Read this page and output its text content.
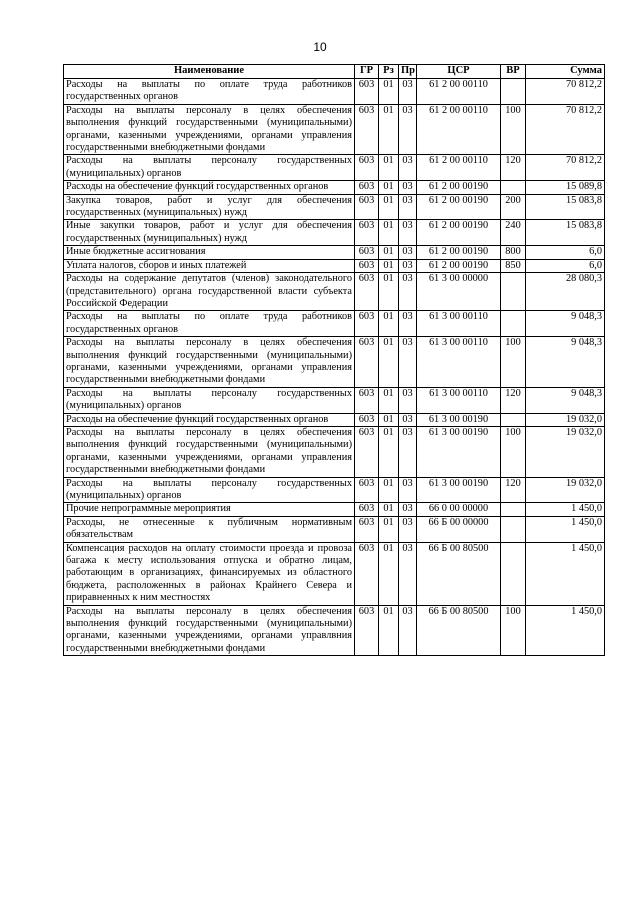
10
Наименование	ГР	Рз	Пр	ЦСР	ВР	Сумма
Расходы на выплаты по оплате труда работников государственных органов	603	01	03	61 2 00 00110		70 812,2
Расходы на выплаты персоналу в целях обеспечения выполнения функций государственными (муниципальными) органами, казенными учреждениями, органами управления государственными внебюджетными фондами	603	01	03	61 2 00 00110	100	70 812,2
Расходы на выплаты персоналу государственных (муниципальных) органов	603	01	03	61 2 00 00110	120	70 812,2
Расходы на обеспечение функций государственных органов	603	01	03	61 2 00 00190		15 089,8
Закупка товаров, работ и услуг для обеспечения государственных (муниципальных) нужд	603	01	03	61 2 00 00190	200	15 083,8
Иные закупки товаров, работ и услуг для обеспечения государственных (муниципальных) нужд	603	01	03	61 2 00 00190	240	15 083,8
Иные бюджетные ассигнования	603	01	03	61 2 00 00190	800	6,0
Уплата налогов, сборов и иных платежей	603	01	03	61 2 00 00190	850	6,0
Расходы на содержание депутатов (членов) законодательного (представительного) органа государственной власти субъекта Российской Федерации	603	01	03	61 3 00 00000		28 080,3
Расходы на выплаты по оплате труда работников государственных органов	603	01	03	61 3 00 00110		9 048,3
Расходы на выплаты персоналу в целях обеспечения выполнения функций государственными (муниципальными) органами, казенными учреждениями, органами управления государственными внебюджетными фондами	603	01	03	61 3 00 00110	100	9 048,3
Расходы на выплаты персоналу государственных (муниципальных) органов	603	01	03	61 3 00 00110	120	9 048,3
Расходы на обеспечение функций государственных органов	603	01	03	61 3 00 00190		19 032,0
Расходы на выплаты персоналу в целях обеспечения выполнения функций государственными (муниципальными) органами, казенными учреждениями, органами управления государственными внебюджетными фондами	603	01	03	61 3 00 00190	100	19 032,0
Расходы на выплаты персоналу государственных (муниципальных) органов	603	01	03	61 3 00 00190	120	19 032,0
Прочие непрограммные мероприятия	603	01	03	66 0 00 00000		1 450,0
Расходы, не отнесенные к публичным нормативным обязательствам	603	01	03	66 Б 00 00000		1 450,0
Компенсация расходов на оплату стоимости проезда и провоза багажа к месту использования отпуска и обратно лицам, работающим в организациях, финансируемых из областного бюджета, расположенных в районах Крайнего Севера и приравненных к ним местностях	603	01	03	66 Б 00 80500		1 450,0
Расходы на выплаты персоналу в целях обеспечения выполнения функций государственными (муниципальными) органами, казенными учреждениями, органами управлвния государственными внебюджетными фондами	603	01	03	66 Б 00 80500	100	1 450,0
